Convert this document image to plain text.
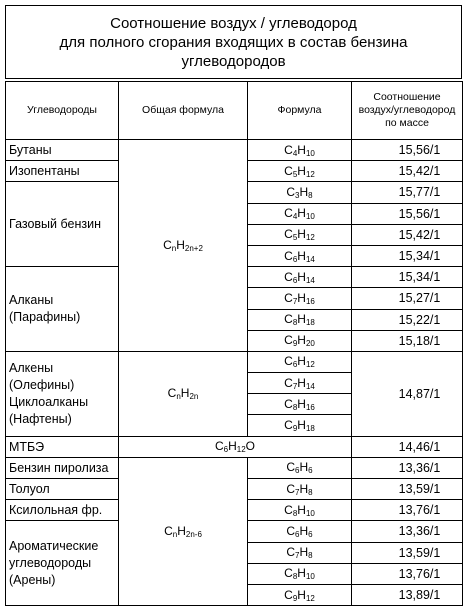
Соотношение воздух / углеводород
для полного сгорания входящих в состав бензина
углеводородов
Углеводороды	Общая формула	Формула	Соотношение
воздух/углеводород
по массе

Бутаны	$C_nH_{2n+2}$	$C_4H_{10}$	15,56/1
Изопентаны		$C_5H_{12}$	15,42/1
Газовый бензин		$C_3H_8$	15,77/1
		$C_4H_{10}$	15,56/1
		$C_5H_{12}$	15,42/1
		$C_6H_{14}$	15,34/1

Алканы
(Парафины)		$C_6H_{14}$	15,34/1
		$C_7H_{16}$	15,27/1
		$C_8H_{18}$	15,22/1
		$C_9H_{20}$	15,18/1

Алкены
(Олефины)
Циклоалканы
(Нафтены)	$C_nH_{2n}$	$C_6H_{12}$	14,87/1
		$C_7H_{14}$
		$C_8H_{16}$
		$C_9H_{18}$
МТБЭ	$C_6H_{12}O$		14,46/1
Бензин пиролиза	$C_nH_{2n-6}$	$C_6H_6$	13,36/1
Толуол		$C_7H_8$	13,59/1
Ксилольная фр.		$C_8H_{10}$	13,76/1

Ароматические
углеводороды
(Арены)		$C_6H_6$	13,36/1
		$C_7H_8$	13,59/1
		$C_8H_{10}$	13,76/1
		$C_9H_{12}$	13,89/1
